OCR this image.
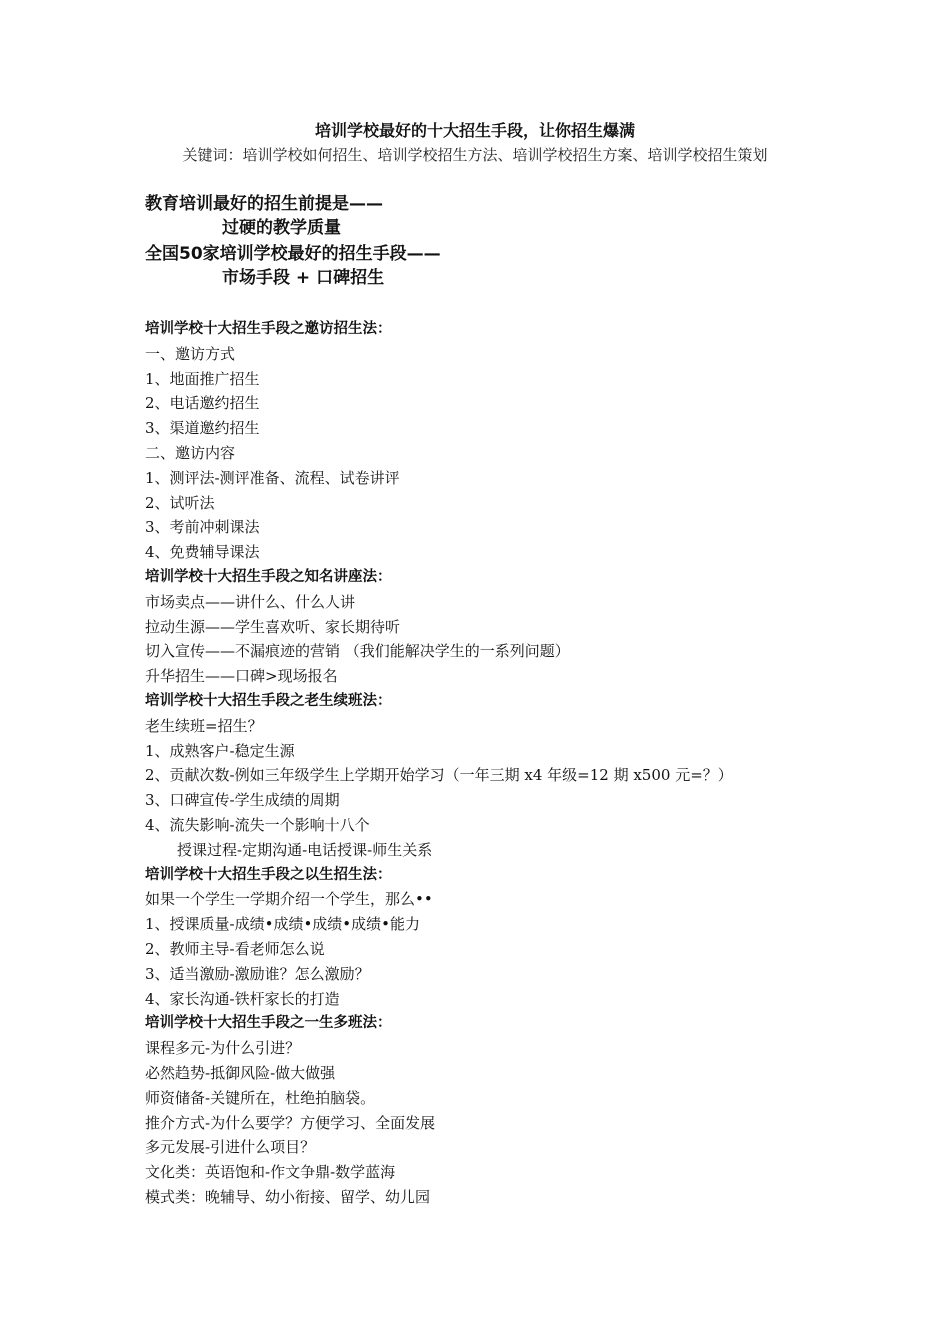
培训学校最好的十大招生手段，让你招生爆满
关键词：培训学校如何招生、培训学校招生方法、培训学校招生方案、培训学校招生策划
教育培训最好的招生前提是——
过硬的教学质量
全国50家培训学校最好的招生手段——
市场手段 + 口碑招生
培训学校十大招生手段之邀访招生法：
一、邀访方式
1、地面推广招生
2、电话邀约招生
3、渠道邀约招生
二、邀访内容
1、测评法-测评准备、流程、试卷讲评
2、试听法
3、考前冲刺课法
4、免费辅导课法
培训学校十大招生手段之知名讲座法：
市场卖点——讲什么、什么人讲
拉动生源——学生喜欢听、家长期待听
切入宣传——不漏痕迹的营销 （我们能解决学生的一系列问题）
升华招生——口碑>现场报名
培训学校十大招生手段之老生续班法：
老生续班=招生？
1、成熟客户-稳定生源
2、贡献次数-例如三年级学生上学期开始学习（一年三期 x4 年级=12 期 x500 元=？）
3、口碑宣传-学生成绩的周期
4、流失影响-流失一个影响十八个
授课过程-定期沟通-电话授课-师生关系
培训学校十大招生手段之以生招生法：
如果一个学生一学期介绍一个学生，那么••
1、授课质量-成绩•成绩•成绩•成绩•能力
2、教师主导-看老师怎么说
3、适当激励-激励谁？怎么激励？
4、家长沟通-铁杆家长的打造
培训学校十大招生手段之一生多班法：
课程多元-为什么引进？
必然趋势-抵御风险-做大做强
师资储备-关键所在，杜绝拍脑袋。
推介方式-为什么要学？方便学习、全面发展
多元发展-引进什么项目？
文化类：英语饱和-作文争鼎-数学蓝海
模式类：晚辅导、幼小衔接、留学、幼儿园
